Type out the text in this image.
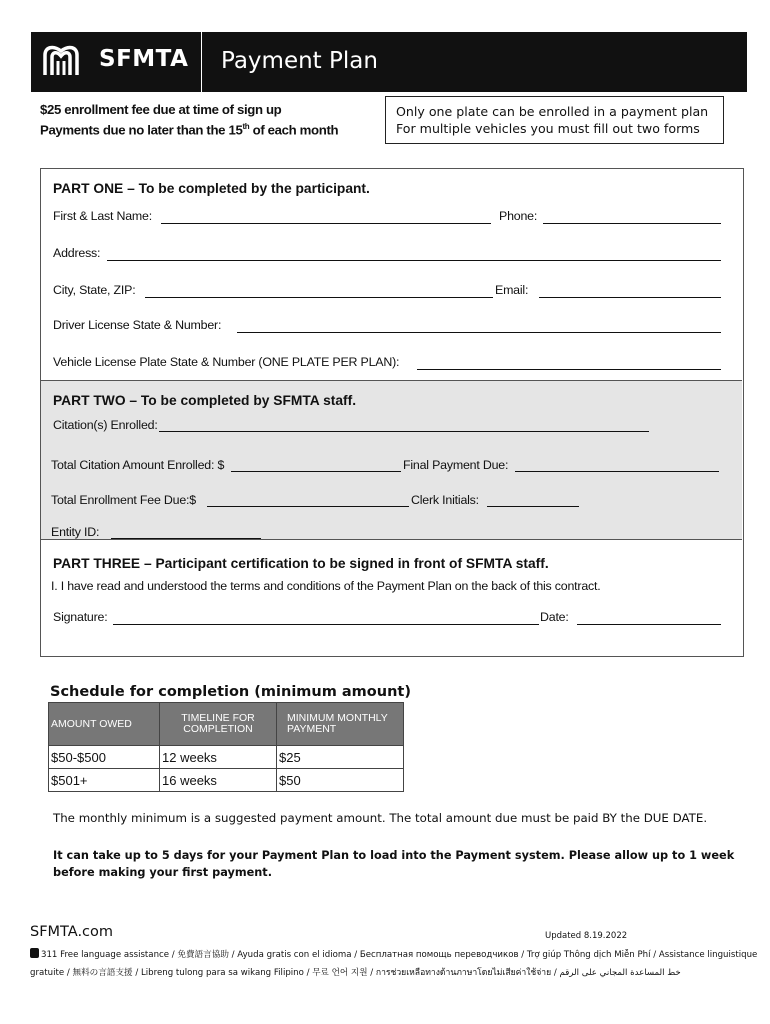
SFMTA Payment Plan
$25 enrollment fee due at time of sign up
Payments due no later than the 15th of each month
Only one plate can be enrolled in a payment plan
For multiple vehicles you must fill out two forms
PART ONE – To be completed by the participant.
First & Last Name:	Phone:
Address:
City, State, ZIP:	Email:
Driver License State & Number:
Vehicle License Plate State & Number (ONE PLATE PER PLAN):
PART TWO – To be completed by SFMTA staff.
Citation(s) Enrolled:
Total Citation Amount Enrolled: $	Final Payment Due:
Total Enrollment Fee Due:$	Clerk Initials:
Entity ID:
PART THREE – Participant certification to be signed in front of SFMTA staff.
I. I have read and understood the terms and conditions of the Payment Plan on the back of this contract.
Signature:	Date:
Schedule for completion (minimum amount)
AMOUNT OWED	TIMELINE FOR COMPLETION	MINIMUM MONTHLY PAYMENT
$50-$500	12 weeks	$25
$501+	16 weeks	$50
The monthly minimum is a suggested payment amount. The total amount due must be paid BY the DUE DATE.
It can take up to 5 days for your Payment Plan to load into the Payment system. Please allow up to 1 week before making your first payment.
SFMTA.com	Updated 8.19.2022
311 Free language assistance / 免費語言協助 / Ayuda gratis con el idioma / Бесплатная помощь переводчиков / Trợ giúp Thông dịch Miễn Phí / Assistance linguistique gratuite / 無料の言語支援 / Libreng tulong para sa wikang Filipino / 무료 언어 지원 / การช่วยเหลือทางด้านภาษาโดยไม่เสียค่าใช้จ่าย / خط المساعدة المجاني على الرقم
